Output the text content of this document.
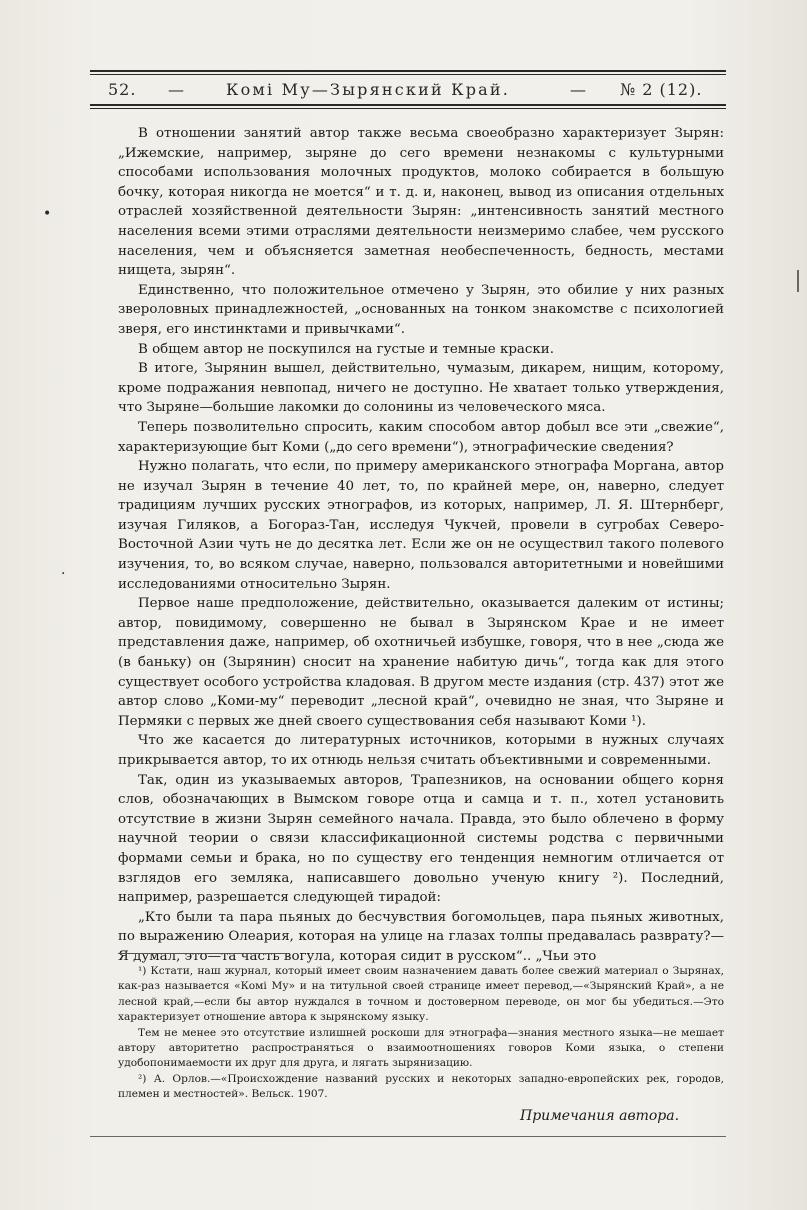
52. —	Комі Му—Зырянский Край.	— № 2 (12).

В отношении занятий автор также весьма своеобразно характеризует Зырян: „Ижемские, например, зыряне до сего времени незнакомы с культурными способами использования молочных продуктов, молоко собирается в большую бочку, которая никогда не моется“ и т. д. и, наконец, вывод из описания отдельных отраслей хозяйственной деятельности Зырян: „интенсивность занятий местного населения всеми этими отраслями деятельности неизмеримо слабее, чем русского населения, чем и объясняется заметная необеспеченность, бедность, местами нищета, зырян“.

Единственно, что положительное отмечено у Зырян, это обилие у них разных звероловных принадлежностей, „основанных на тонком знакомстве с психологией зверя, его инстинктами и привычками“.

В общем автор не поскупился на густые и темные краски.

В итоге, Зырянин вышел, действительно, чумазым, дикарем, нищим, которому, кроме подражания невпопад, ничего не доступно. Не хватает только утверждения, что Зыряне—большие лакомки до солонины из человеческого мяса.

Теперь позволительно спросить, каким способом автор добыл все эти „свежие“, характеризующие быт Коми („до сего времени“), этнографические сведения?

Нужно полагать, что если, по примеру американского этнографа Моргана, автор не изучал Зырян в течение 40 лет, то, по крайней мере, он, наверно, следует традициям лучших русских этнографов, из которых, например, Л. Я. Штернберг, изучая Гиляков, а Богораз-Тан, исследуя Чукчей, провели в сугробах Северо-Восточной Азии чуть не до десятка лет. Если же он не осуществил такого полевого изучения, то, во всяком случае, наверно, пользовался авторитетными и новейшими исследованиями относительно Зырян.

Первое наше предположение, действительно, оказывается далеким от истины; автор, повидимому, совершенно не бывал в Зырянском Крае и не имеет представления даже, например, об охотничьей избушке, говоря, что в нее „сюда же (в баньку) он (Зырянин) сносит на хранение набитую дичь“, тогда как для этого существует особого устройства кладовая. В другом месте издания (стр. 437) этот же автор слово „Коми-му“ переводит „лесной край“, очевидно не зная, что Зыряне и Пермяки с первых же дней своего существования себя называют Коми ¹).

Что же касается до литературных источников, которыми в нужных случаях прикрывается автор, то их отнюдь нельзя считать объективными и современными.

Так, один из указываемых авторов, Трапезников, на основании общего корня слов, обозначающих в Вымском говоре отца и самца и т. п., хотел установить отсутствие в жизни Зырян семейного начала. Правда, это было облечено в форму научной теории о связи классификационной системы родства с первичными формами семьи и брака, но по существу его тенденция немногим отличается от взглядов его земляка, написавшего довольно ученую книгу ²). Последний, например, разрешается следующей тирадой:

„Кто были та пара пьяных до бесчувствия богомольцев, пара пьяных животных, по выражению Олеария, которая на улице на глазах толпы предавалась разврату?—Я думал, это—та часть вогула, которая сидит в русском“.. „Чьи это

¹) Кстати, наш журнал, который имеет своим назначением давать более свежий материал о Зырянах, как-раз называется «Комі Му» и на титульной своей странице имеет перевод,—«Зырянский Край», а не лесной край,—если бы автор нуждался в точном и достоверном переводе, он мог бы убедиться.—Это характеризует отношение автора к зырянскому языку.

Тем не менее это отсутствие излишней роскоши для этнографа—знания местного языка—не мешает автору авторитетно распространяться о взаимоотношениях говоров Коми языка, о степени удобопонимаемости их друг для друга, и лягать зырянизацию.

²) А. Орлов.—«Происхождение названий русских и некоторых западно-европейских рек, городов, племен и местностей». Вельск. 1907.

Примечания автора.
•
·
